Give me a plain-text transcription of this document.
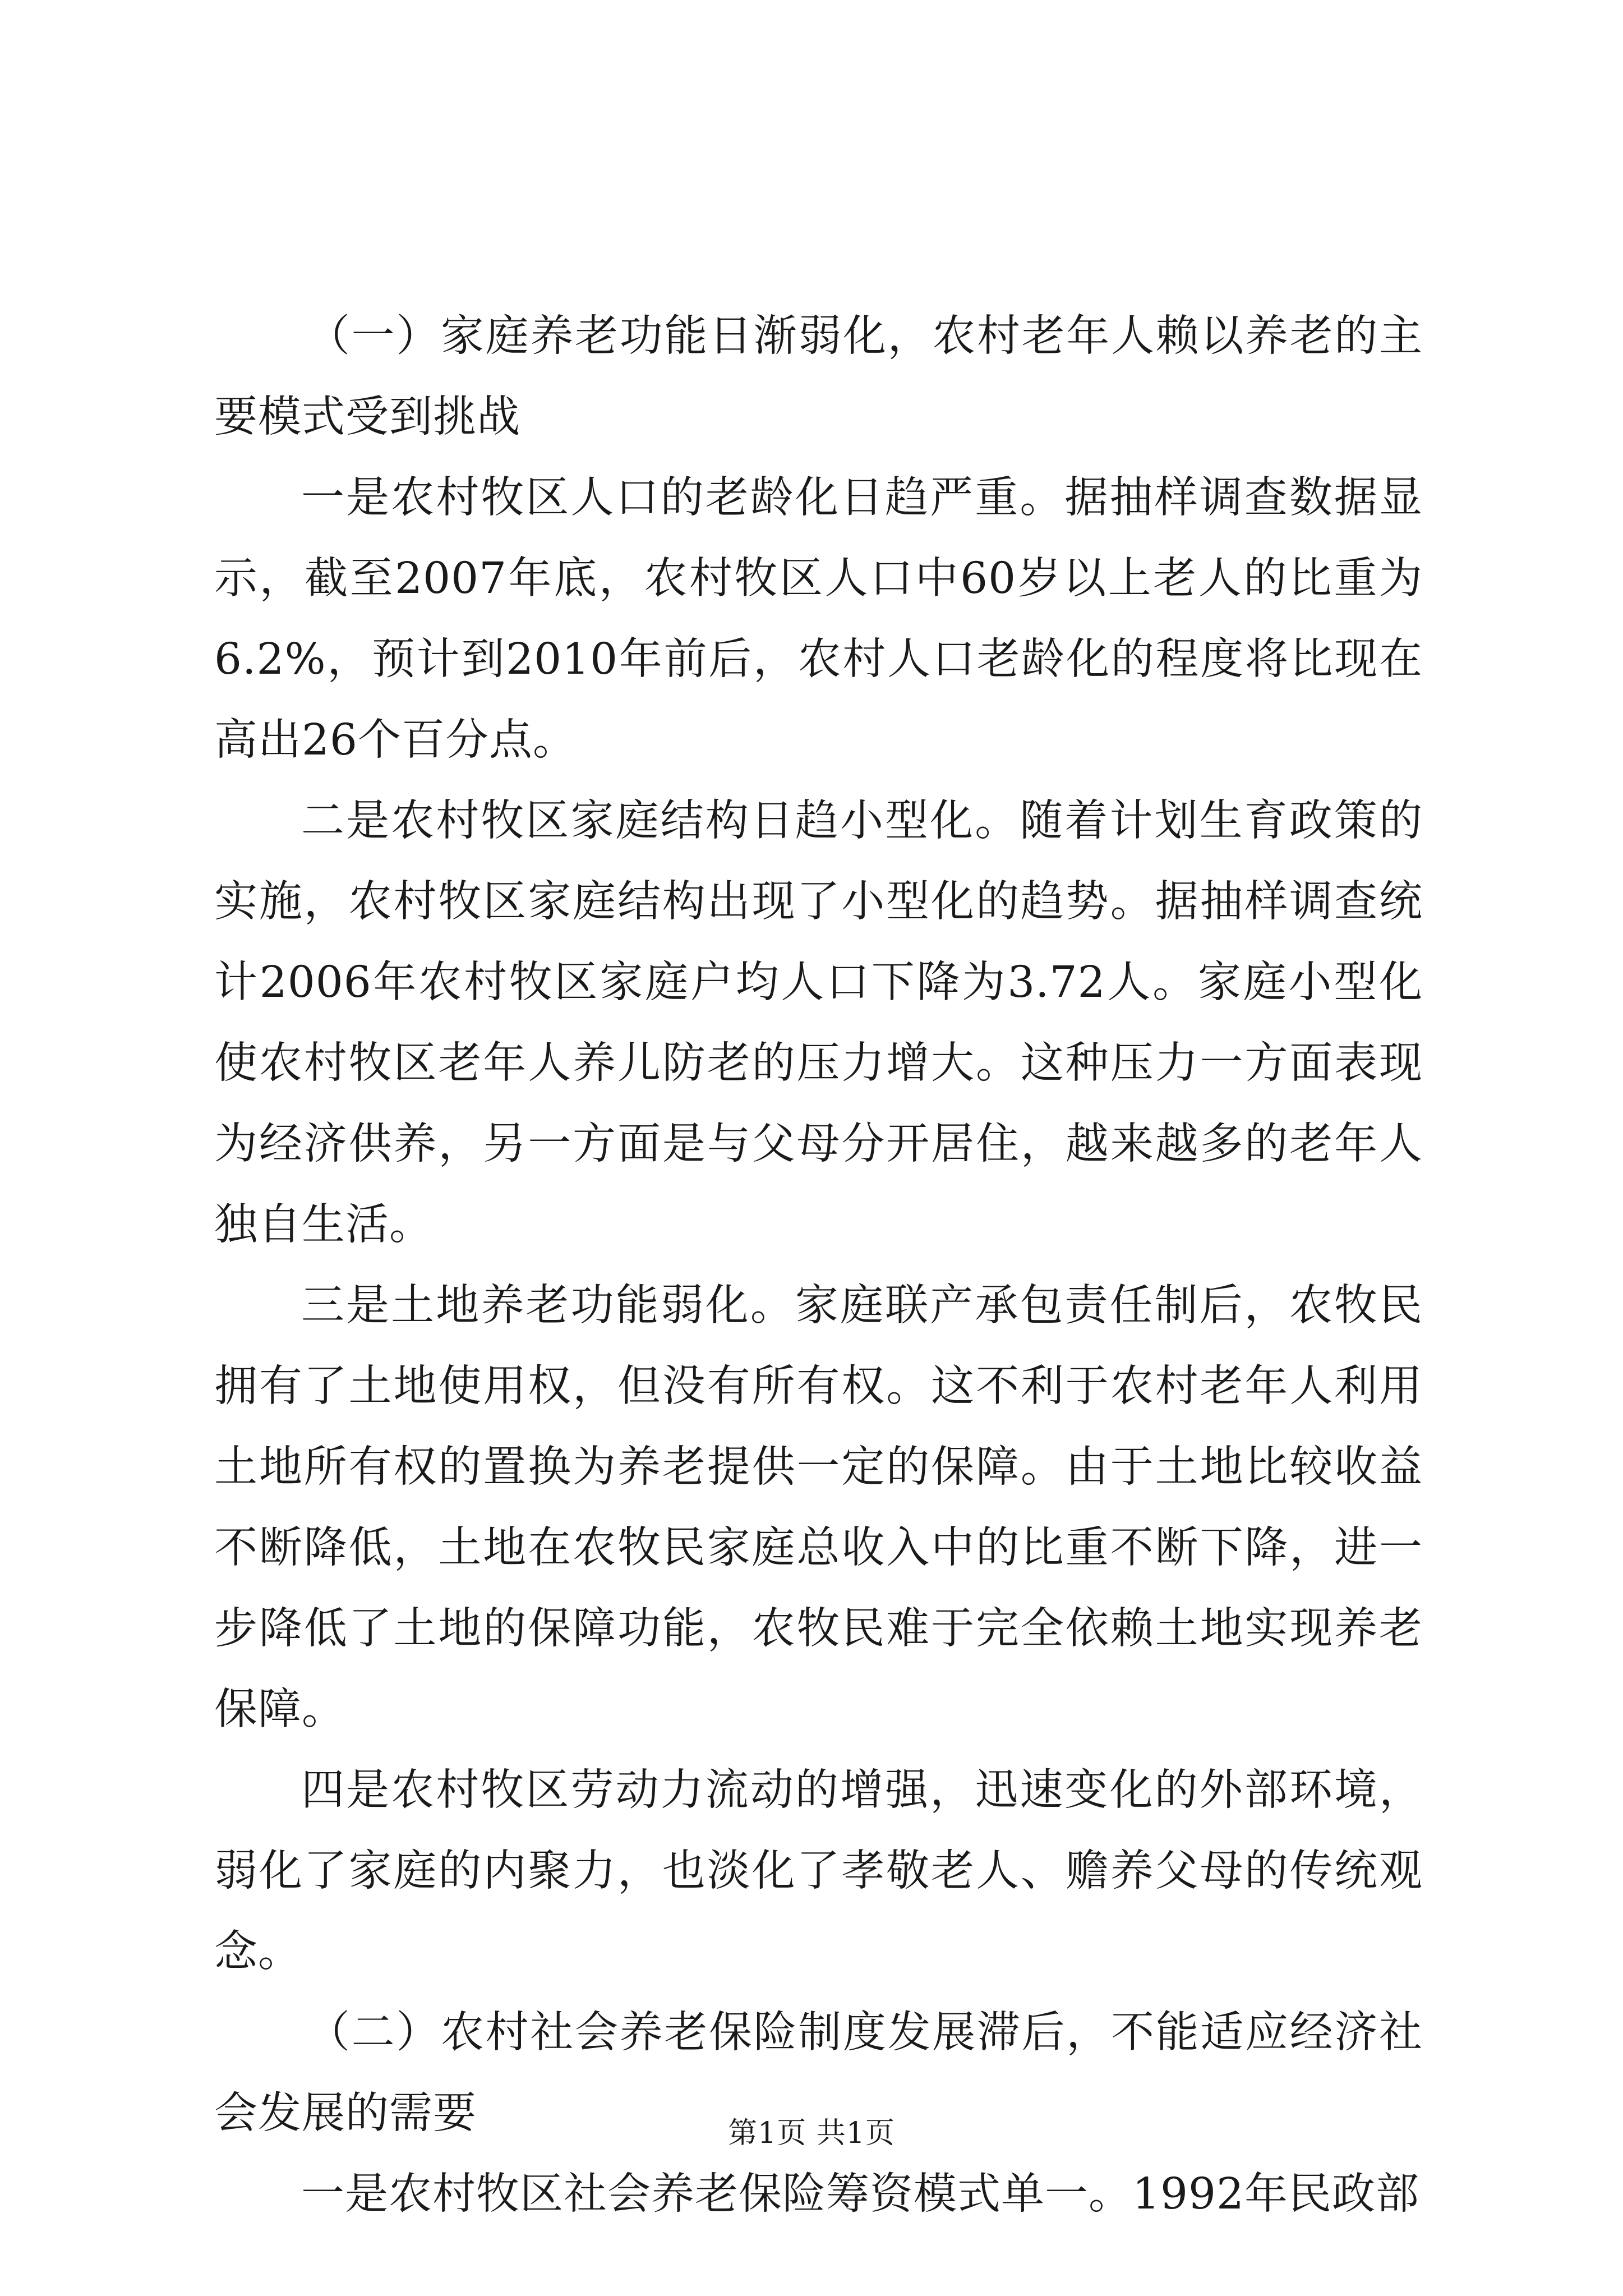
（一）家庭养老功能日渐弱化，农村老年人赖以养老的主要模式受到挑战

一是农村牧区人口的老龄化日趋严重。据抽样调查数据显示，截至2007年底，农村牧区人口中60岁以上老人的比重为6.2%，预计到2010年前后，农村人口老龄化的程度将比现在高出26个百分点。

二是农村牧区家庭结构日趋小型化。随着计划生育政策的实施，农村牧区家庭结构出现了小型化的趋势。据抽样调查统计2006年农村牧区家庭户均人口下降为3.72人。家庭小型化使农村牧区老年人养儿防老的压力增大。这种压力一方面表现为经济供养，另一方面是与父母分开居住，越来越多的老年人独自生活。

三是土地养老功能弱化。家庭联产承包责任制后，农牧民拥有了土地使用权，但没有所有权。这不利于农村老年人利用土地所有权的置换为养老提供一定的保障。由于土地比较收益不断降低，土地在农牧民家庭总收入中的比重不断下降，进一步降低了土地的保障功能，农牧民难于完全依赖土地实现养老保障。

四是农村牧区劳动力流动的增强，迅速变化的外部环境，弱化了家庭的内聚力，也淡化了孝敬老人、赡养父母的传统观念。

（二）农村社会养老保险制度发展滞后，不能适应经济社会发展的需要

一是农村牧区社会养老保险筹资模式单一。1992年民政部

第1页 共1页
